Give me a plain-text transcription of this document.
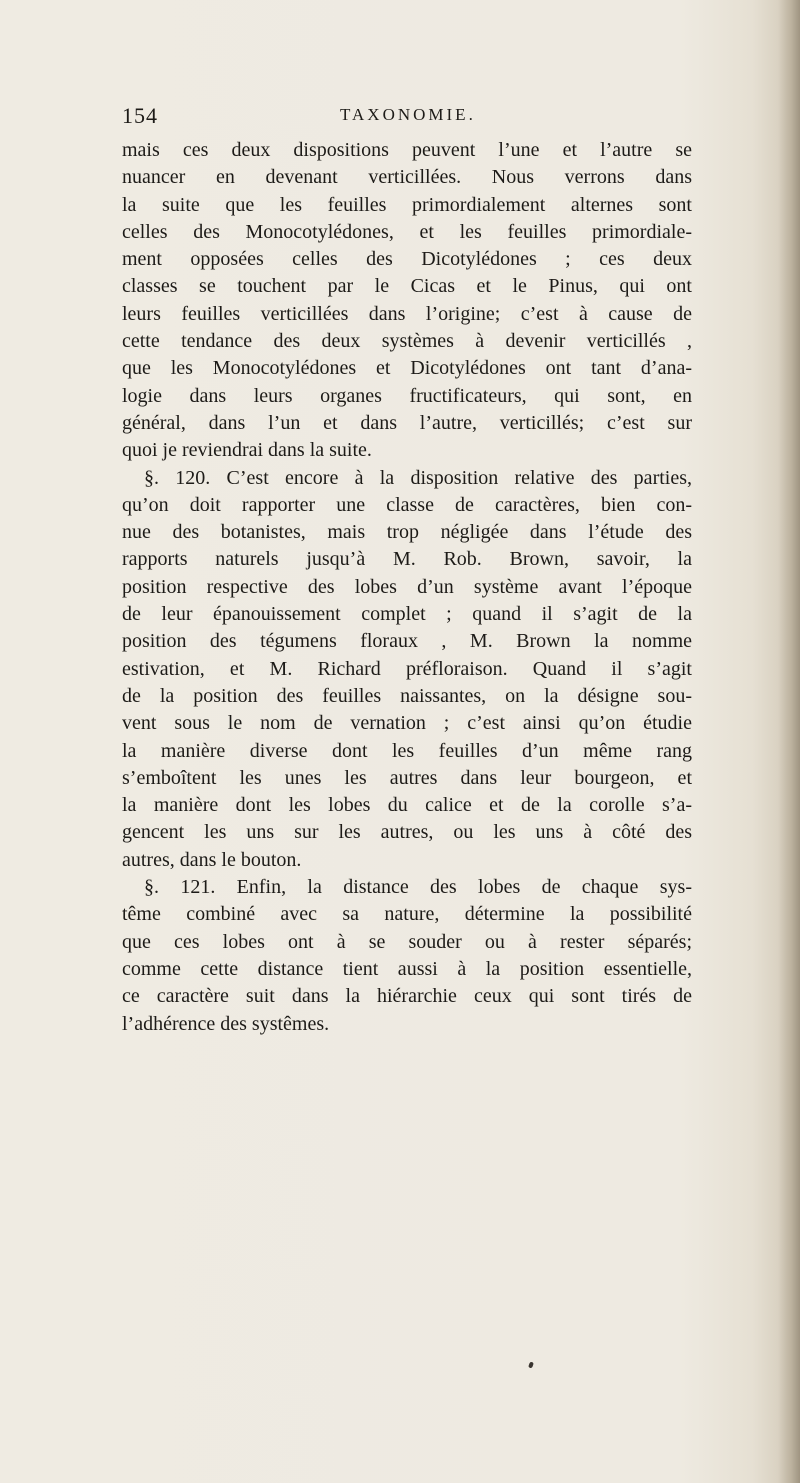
154	TAXONOMIE.
mais ces deux dispositions peuvent l’une et l’autre se
nuancer en devenant verticillées. Nous verrons dans
la suite que les feuilles primordialement alternes sont
celles des Monocotylédones, et les feuilles primordiale-
ment opposées celles des Dicotylédones ; ces deux
classes se touchent par le Cicas et le Pinus, qui ont
leurs feuilles verticillées dans l’origine; c’est à cause de
cette tendance des deux systèmes à devenir verticillés ,
que les Monocotylédones et Dicotylédones ont tant d’ana-
logie dans leurs organes fructificateurs, qui sont, en
général, dans l’un et dans l’autre, verticillés; c’est sur
quoi je reviendrai dans la suite.
§. 120. C’est encore à la disposition relative des parties,
qu’on doit rapporter une classe de caractères, bien con-
nue des botanistes, mais trop négligée dans l’étude des
rapports naturels jusqu’à M. Rob. Brown, savoir, la
position respective des lobes d’un système avant l’époque
de leur épanouissement complet ; quand il s’agit de la
position des tégumens floraux , M. Brown la nomme
estivation, et M. Richard préfloraison. Quand il s’agit
de la position des feuilles naissantes, on la désigne sou-
vent sous le nom de vernation ; c’est ainsi qu’on étudie
la manière diverse dont les feuilles d’un même rang
s’emboîtent les unes les autres dans leur bourgeon, et
la manière dont les lobes du calice et de la corolle s’a-
gencent les uns sur les autres, ou les uns à côté des
autres, dans le bouton.
§. 121. Enfin, la distance des lobes de chaque sys-
tême combiné avec sa nature, détermine la possibilité
que ces lobes ont à se souder ou à rester séparés;
comme cette distance tient aussi à la position essentielle,
ce caractère suit dans la hiérarchie ceux qui sont tirés de
l’adhérence des systêmes.
